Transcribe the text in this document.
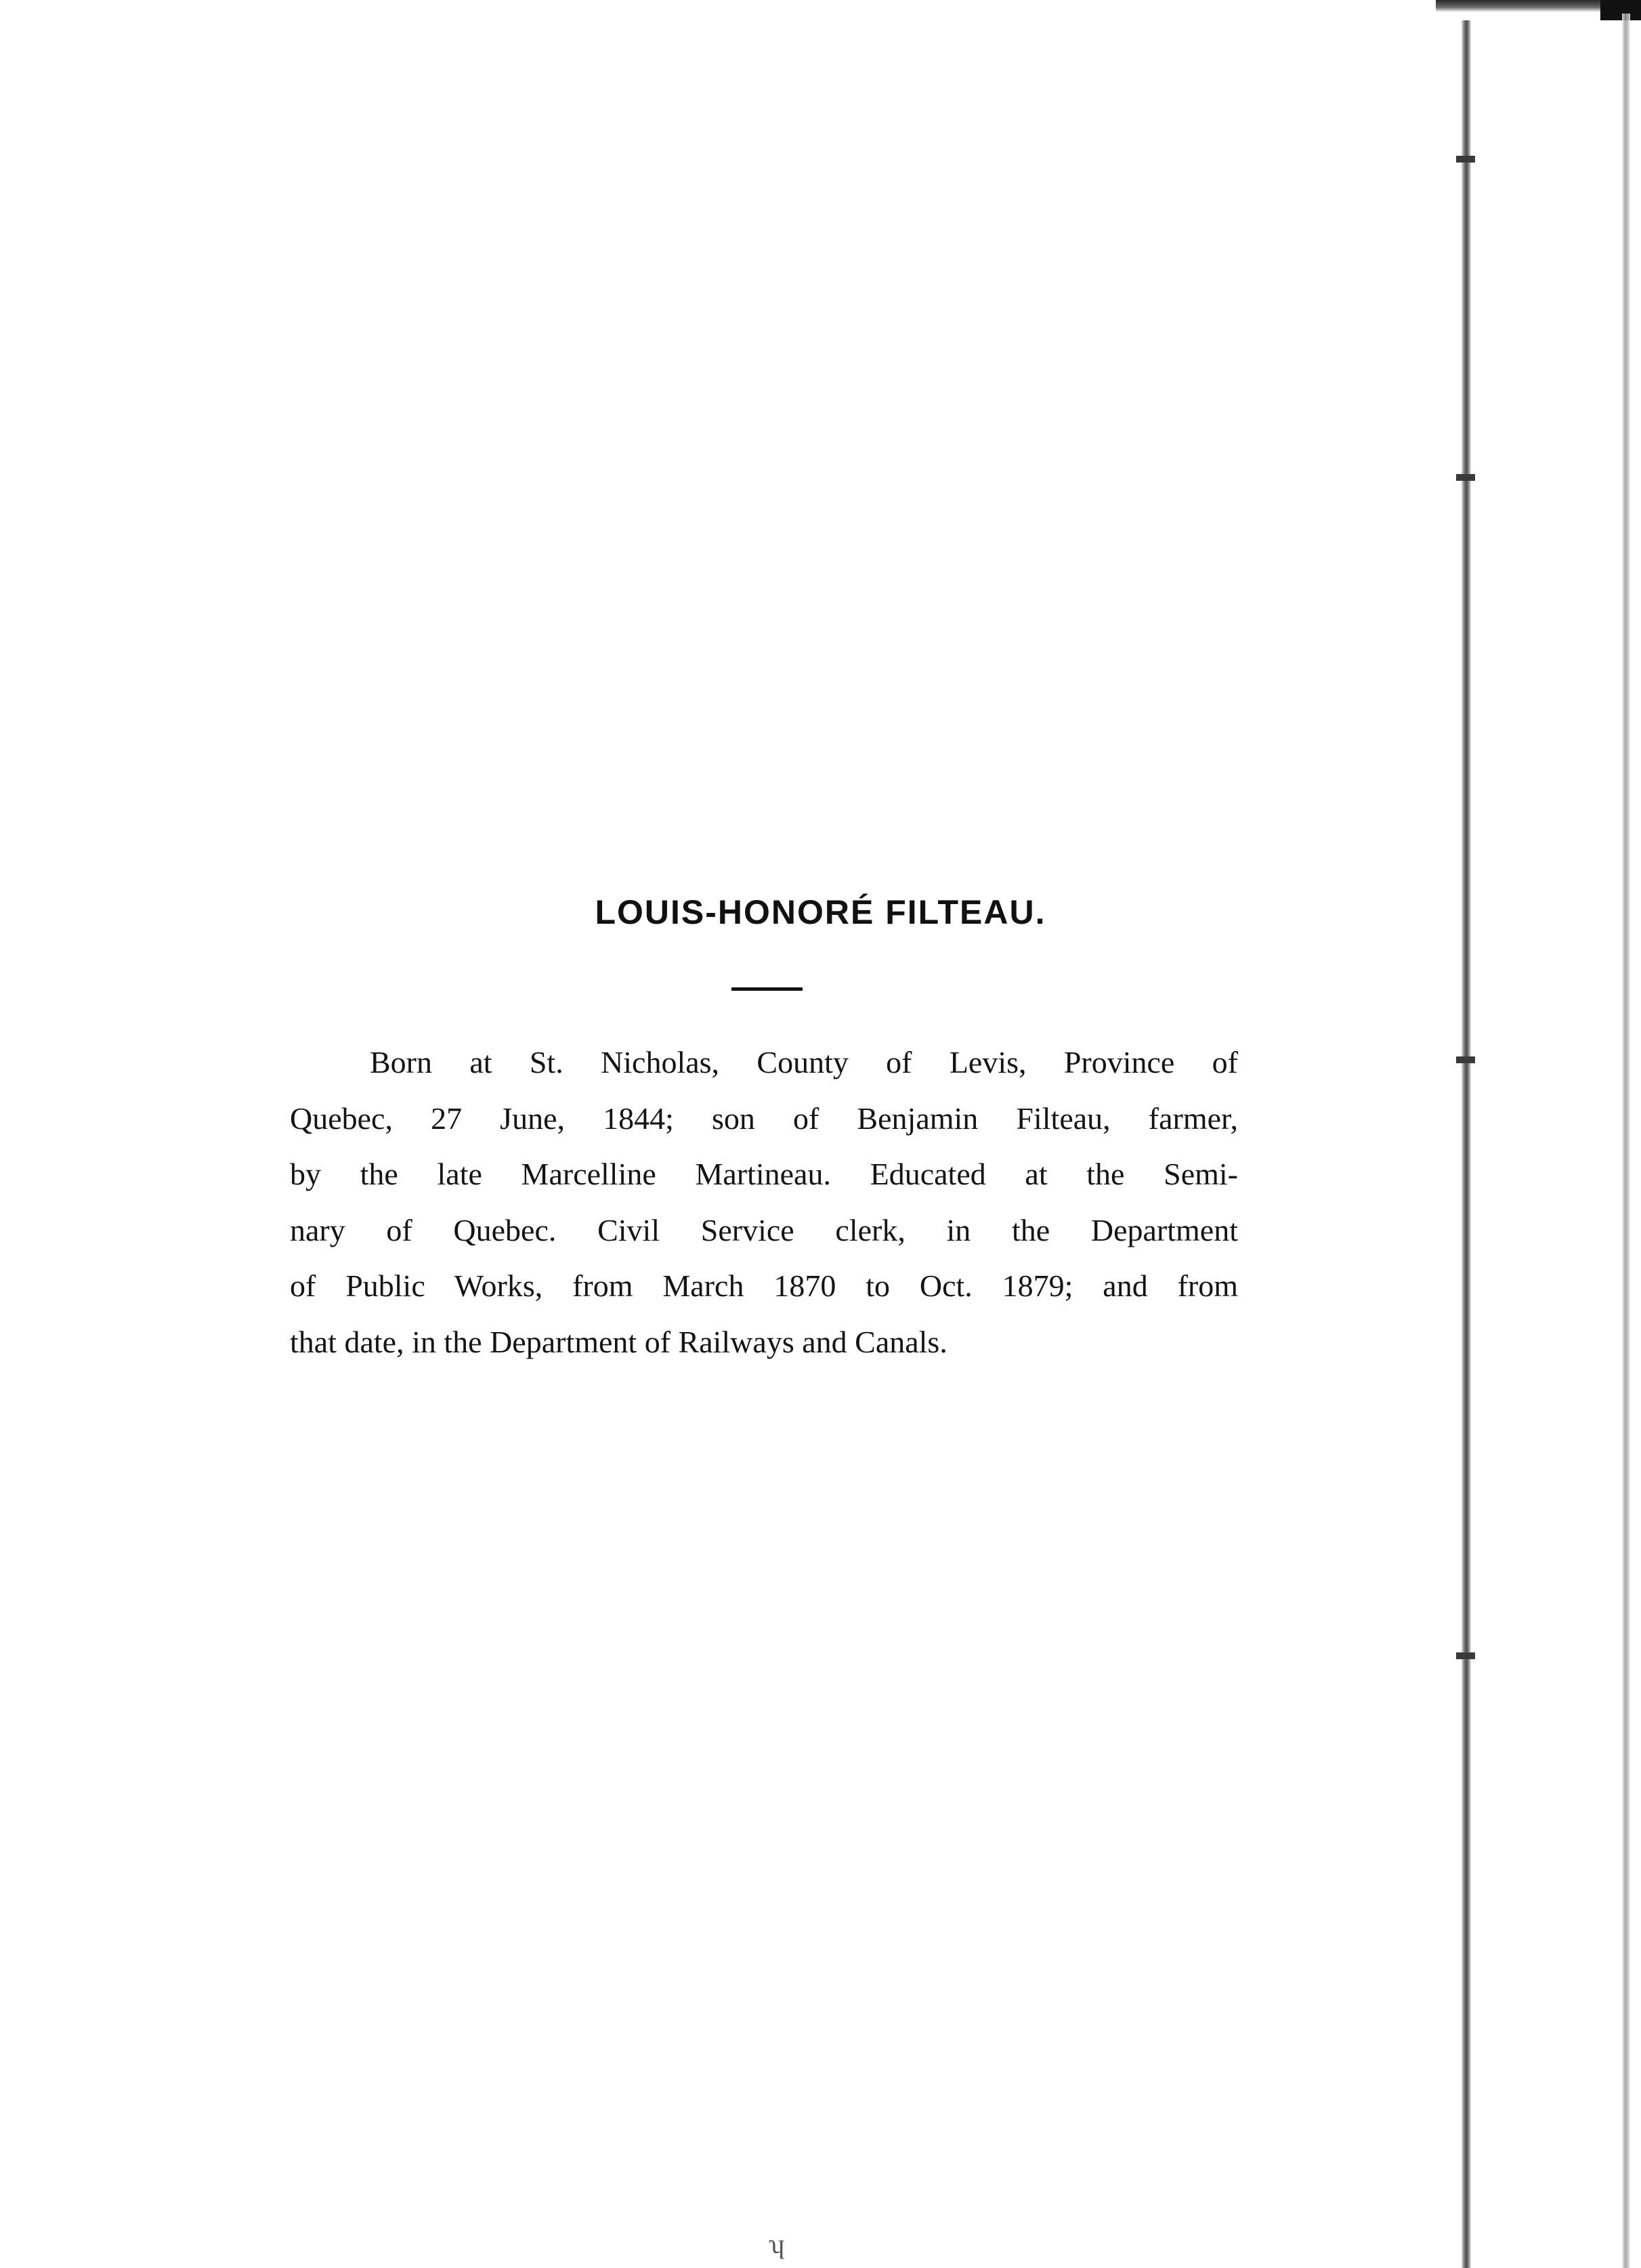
LOUIS-HONORÉ FILTEAU.

Born at St. Nicholas, County of Levis, Province of
Quebec, 27 June, 1844; son of Benjamin Filteau, farmer,
by the late Marcelline Martineau. Educated at the Semi-
nary of Quebec. Civil Service clerk, in the Department
of Public Works, from March 1870 to Oct. 1879; and from
that date, in the Department of Railways and Canals.

ʮ
